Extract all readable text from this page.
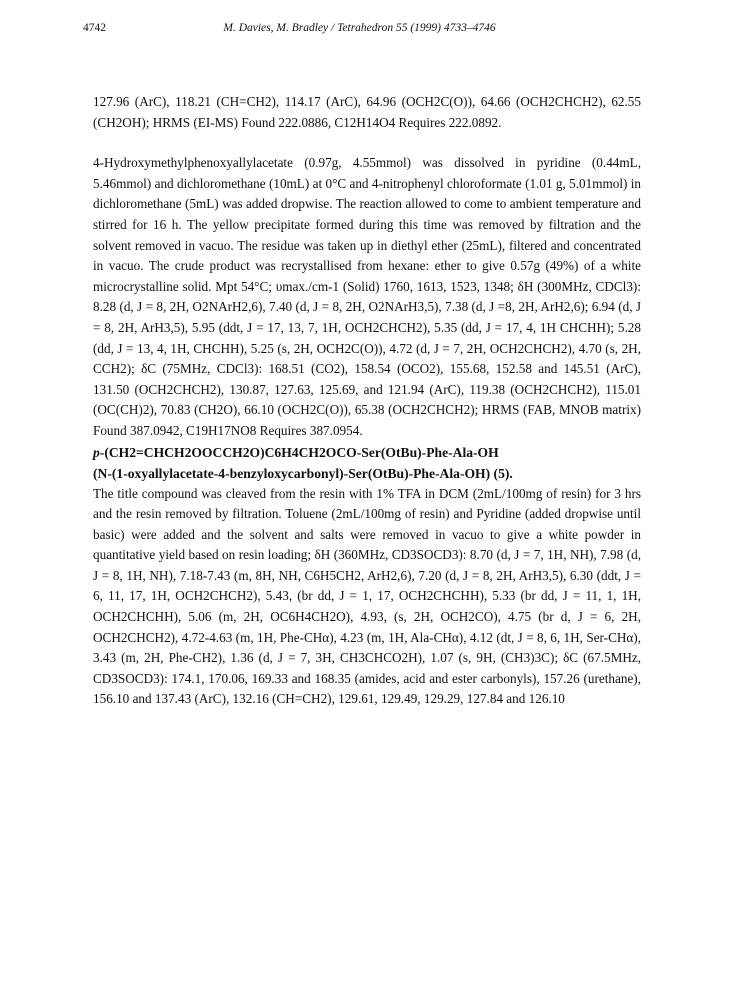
4742	M. Davies, M. Bradley / Tetrahedron 55 (1999) 4733–4746

127.96 (ArC), 118.21 (CH=CH2), 114.17 (ArC), 64.96 (OCH2C(O)), 64.66 (OCH2CHCH2), 62.55 (CH2OH); HRMS (EI-MS) Found 222.0886, C12H14O4 Requires 222.0892.

4-Hydroxymethylphenoxyallylacetate (0.97g, 4.55mmol) was dissolved in pyridine (0.44mL, 5.46mmol) and dichloromethane (10mL) at 0°C and 4-nitrophenyl chloroformate (1.01 g, 5.01mmol) in dichloromethane (5mL) was added dropwise. The reaction allowed to come to ambient temperature and stirred for 16 h. The yellow precipitate formed during this time was removed by filtration and the solvent removed in vacuo. The residue was taken up in diethyl ether (25mL), filtered and concentrated in vacuo. The crude product was recrystallised from hexane: ether to give 0.57g (49%) of a white microcrystalline solid. Mpt 54°C; υmax./cm-1 (Solid) 1760, 1613, 1523, 1348; δH (300MHz, CDCl3): 8.28 (d, J = 8, 2H, O2NArH2,6), 7.40 (d, J = 8, 2H, O2NArH3,5), 7.38 (d, J =8, 2H, ArH2,6); 6.94 (d, J = 8, 2H, ArH3,5), 5.95 (ddt, J = 17, 13, 7, 1H, OCH2CHCH2), 5.35 (dd, J = 17, 4, 1H CHCHH); 5.28 (dd, J = 13, 4, 1H, CHCHH), 5.25 (s, 2H, OCH2C(O)), 4.72 (d, J = 7, 2H, OCH2CHCH2), 4.70 (s, 2H, CCH2); δC (75MHz, CDCl3): 168.51 (CO2), 158.54 (OCO2), 155.68, 152.58 and 145.51 (ArC), 131.50 (OCH2CHCH2), 130.87, 127.63, 125.69, and 121.94 (ArC), 119.38 (OCH2CHCH2), 115.01 (OC(CH)2), 70.83 (CH2O), 66.10 (OCH2C(O)), 65.38 (OCH2CHCH2); HRMS (FAB, MNOB matrix) Found 387.0942, C19H17NO8 Requires 387.0954.

p-(CH2=CHCH2OOCCH2O)C6H4CH2OCO-Ser(OtBu)-Phe-Ala-OH

(N-(1-oxyallylacetate-4-benzyloxycarbonyl)-Ser(OtBu)-Phe-Ala-OH) (5).

The title compound was cleaved from the resin with 1% TFA in DCM (2mL/100mg of resin) for 3 hrs and the resin removed by filtration. Toluene (2mL/100mg of resin) and Pyridine (added dropwise until basic) were added and the solvent and salts were removed in vacuo to give a white powder in quantitative yield based on resin loading; δH (360MHz, CD3SOCD3): 8.70 (d, J = 7, 1H, NH), 7.98 (d, J = 8, 1H, NH), 7.18-7.43 (m, 8H, NH, C6H5CH2, ArH2,6), 7.20 (d, J = 8, 2H, ArH3,5), 6.30 (ddt, J = 6, 11, 17, 1H, OCH2CHCH2), 5.43, (br dd, J = 1, 17, OCH2CHCHH), 5.33 (br dd, J = 11, 1, 1H, OCH2CHCHH), 5.06 (m, 2H, OC6H4CH2O), 4.93, (s, 2H, OCH2CO), 4.75 (br d, J = 6, 2H, OCH2CHCH2), 4.72-4.63 (m, 1H, Phe-CHα), 4.23 (m, 1H, Ala-CHα), 4.12 (dt, J = 8, 6, 1H, Ser-CHα), 3.43 (m, 2H, Phe-CH2), 1.36 (d, J = 7, 3H, CH3CHCO2H), 1.07 (s, 9H, (CH3)3C); δC (67.5MHz, CD3SOCD3): 174.1, 170.06, 169.33 and 168.35 (amides, acid and ester carbonyls), 157.26 (urethane), 156.10 and 137.43 (ArC), 132.16 (CH=CH2), 129.61, 129.49, 129.29, 127.84 and 126.10
